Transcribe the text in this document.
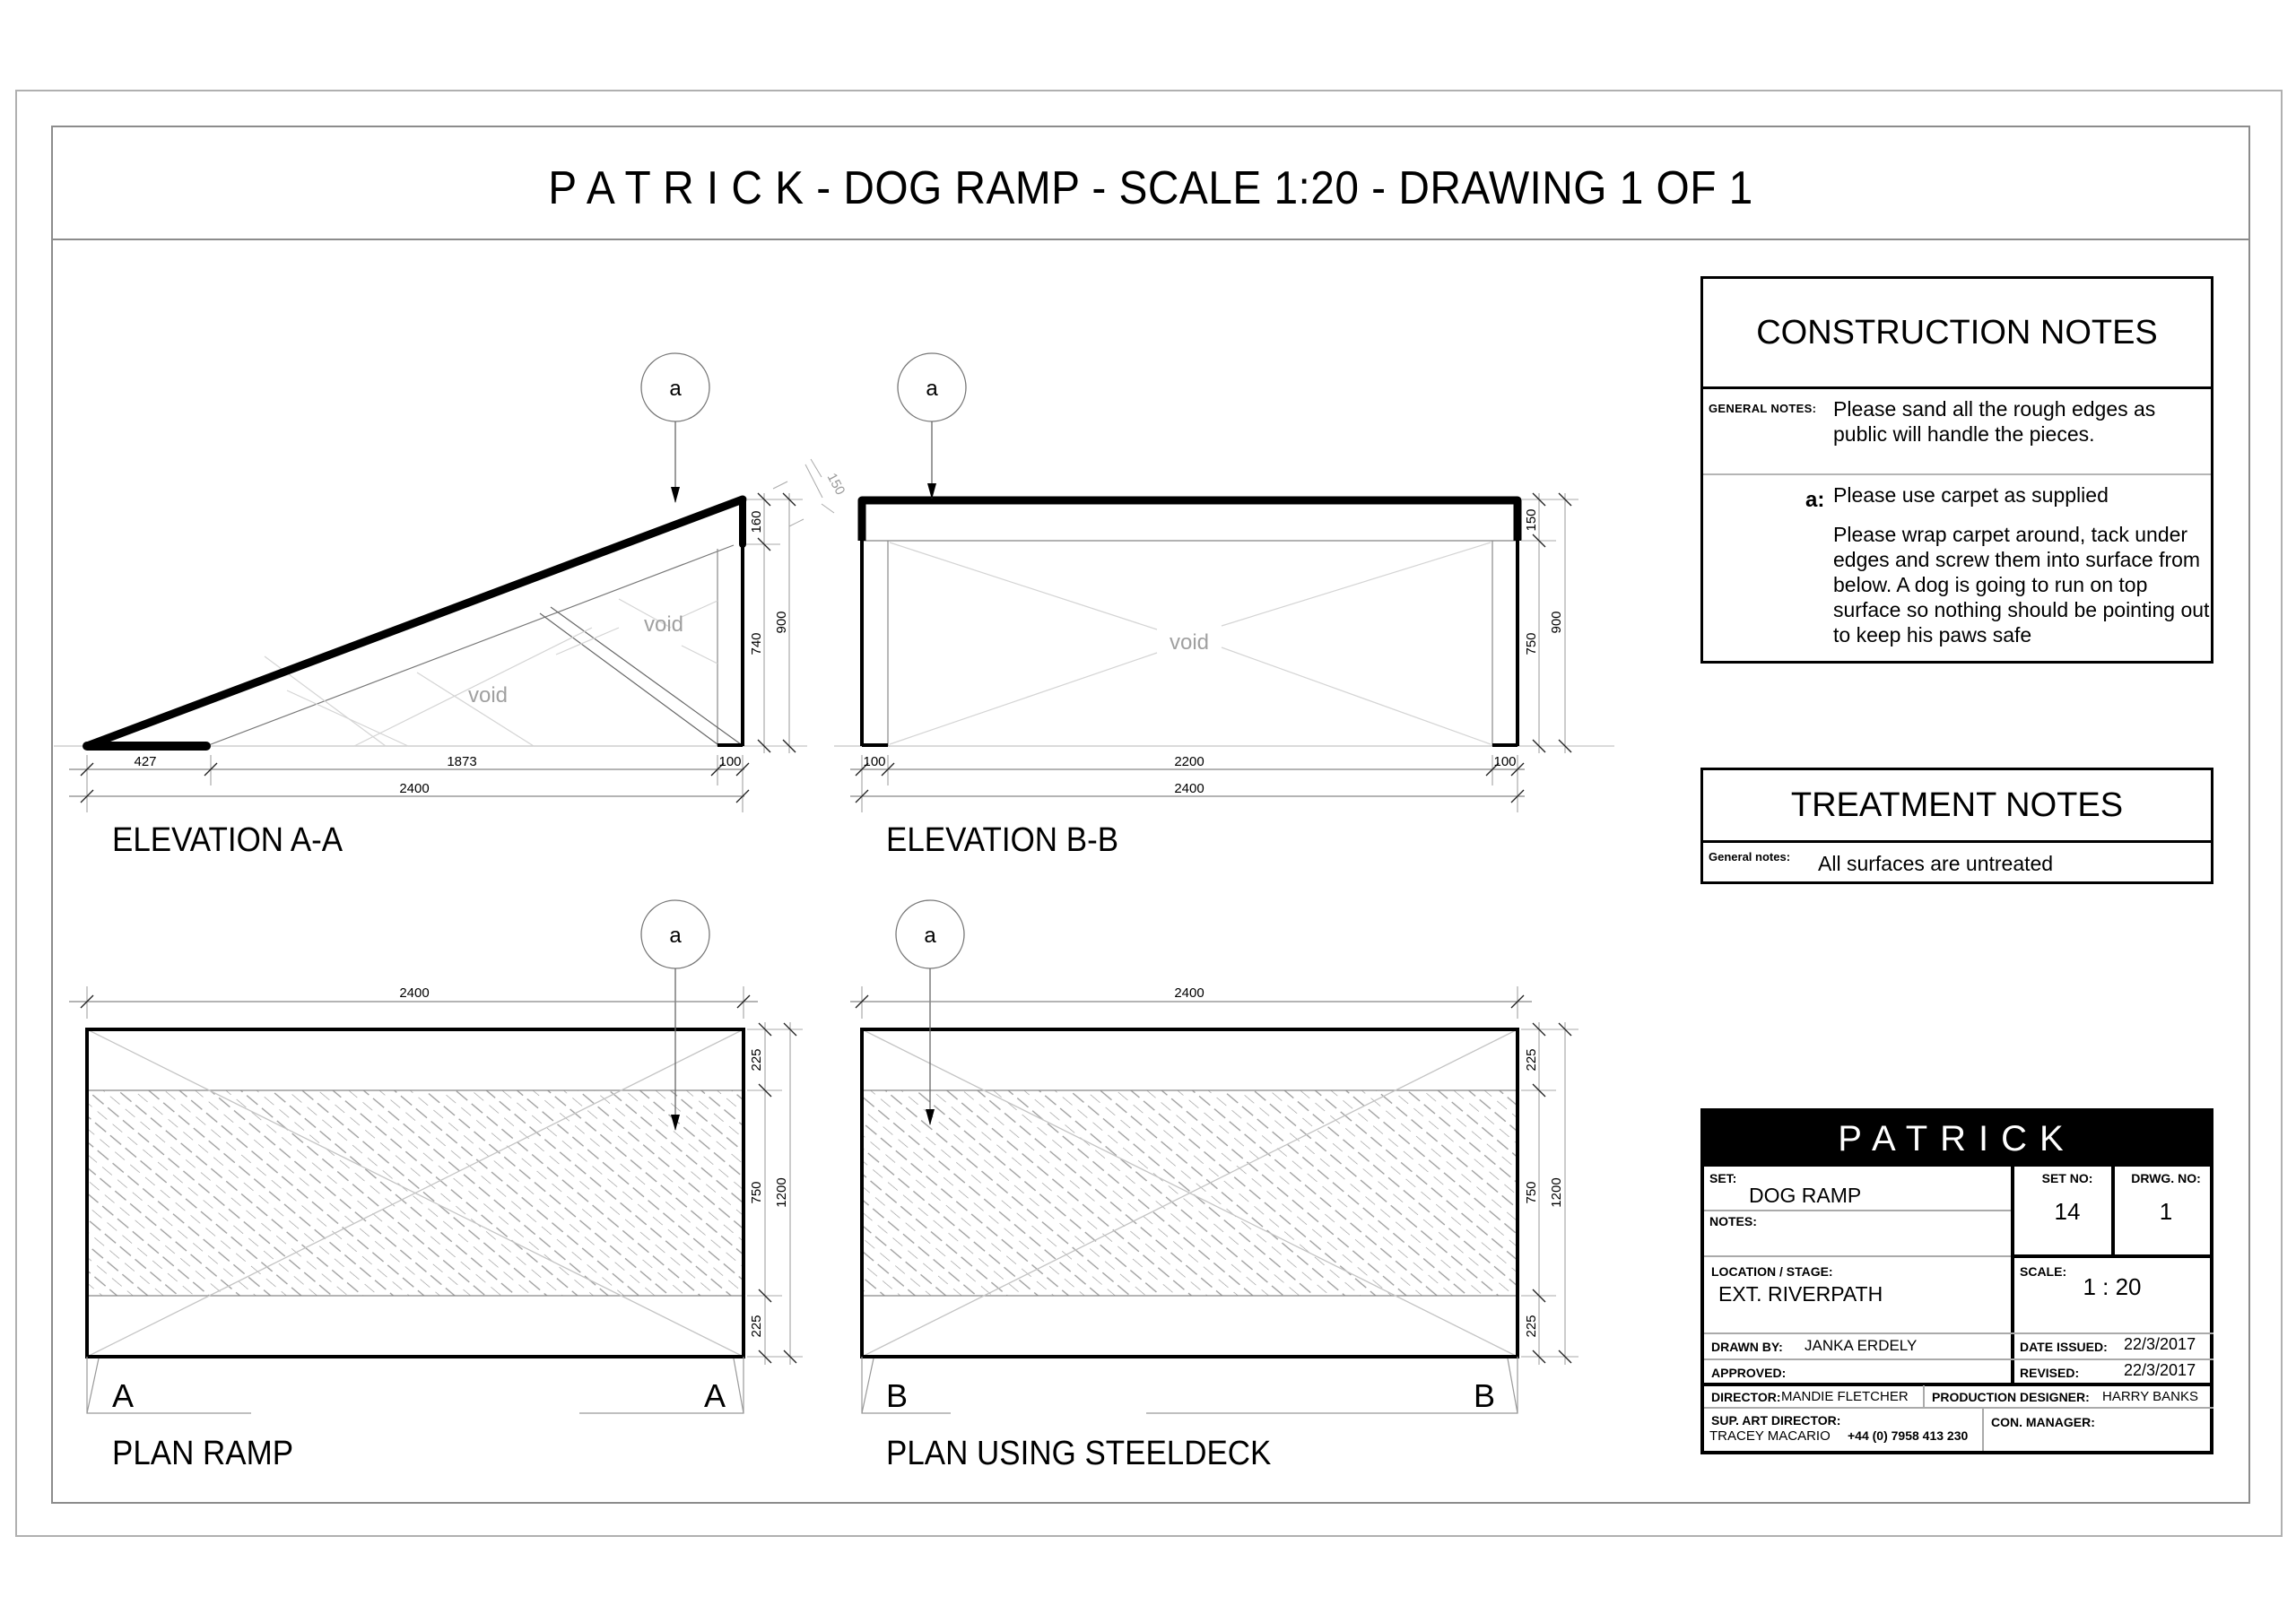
P A T R I C K - DOG RAMP - SCALE 1:20 - DRAWING 1 OF 1
a	a
a	a
void
void
void
427	1873	100
2400
160
740
900
150
100	2200	100
2400
150
750
900
2400
225
750
225
1200
A	A
2400
225
750
225
1200
B	B
ELEVATION A-A	ELEVATION B-B
PLAN RAMP	PLAN USING STEELDECK
CONSTRUCTION NOTES
GENERAL NOTES: Please sand all the rough edges as public will handle the pieces.
a: Please use carpet as supplied
Please wrap carpet around, tack under edges and screw them into surface from below. A dog is going to run on top surface so nothing should be pointing out to keep his paws safe
TREATMENT NOTES
General notes: All surfaces are untreated
PATRICK
SET:
DOG RAMP
NOTES:
SET NO:
14
DRWG. NO:
1
LOCATION / STAGE:
EXT. RIVERPATH
SCALE:
1 : 20
DRAWN BY: JANKA ERDELY	DATE ISSUED: 22/3/2017
APPROVED:	REVISED:	22/3/2017
DIRECTOR: MANDIE FLETCHER PRODUCTION DESIGNER: HARRY BANKS
SUP. ART DIRECTOR:
TRACEY MACARIO +44 (0) 7958 413 230
CON. MANAGER:
